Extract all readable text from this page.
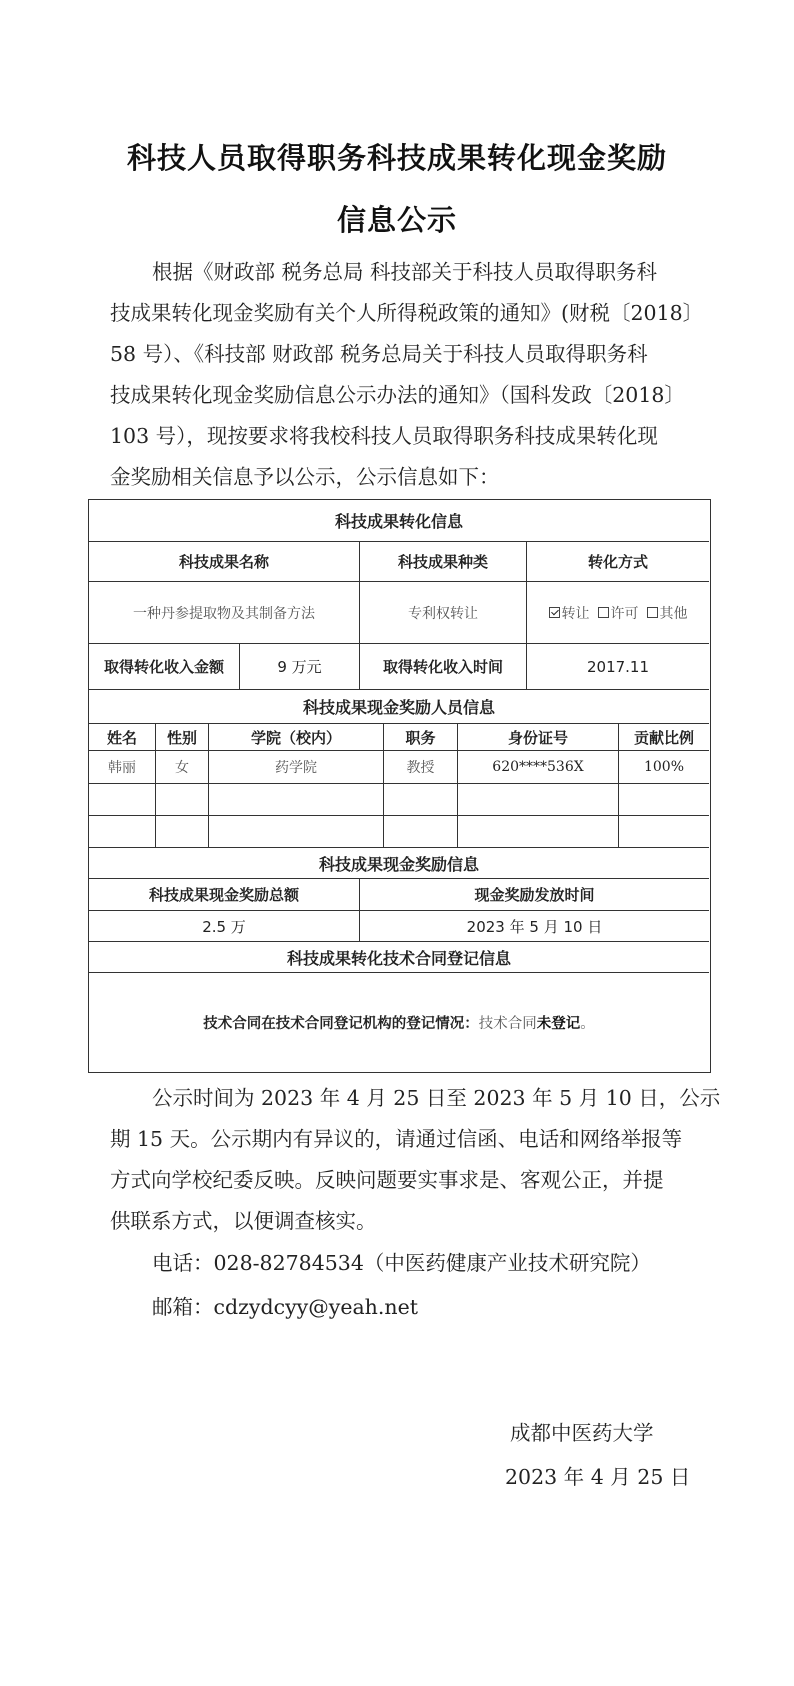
科技人员取得职务科技成果转化现金奖励
信息公示
根据《财政部 税务总局 科技部关于科技人员取得职务科
技成果转化现金奖励有关个人所得税政策的通知》(财税〔2018〕
58 号）、《科技部 财政部 税务总局关于科技人员取得职务科
技成果转化现金奖励信息公示办法的通知》（国科发政〔2018〕
103 号），现按要求将我校科技人员取得职务科技成果转化现
金奖励相关信息予以公示，公示信息如下：
科技成果转化信息
科技成果名称	科技成果种类	转化方式
一种丹参提取物及其制备方法	专利权转让	转让 许可 其他
取得转化收入金额	9 万元	取得转化收入时间	2017.11
科技成果现金奖励人员信息
姓名	性别	学院（校内）	职务	身份证号	贡献比例
韩丽	女	药学院	教授	620****536X	100%
科技成果现金奖励信息
科技成果现金奖励总额	现金奖励发放时间
2.5 万	2023 年 5 月 10 日
科技成果转化技术合同登记信息
技术合同在技术合同登记机构的登记情况： 技术合同 未登记 。
公示时间为 2023 年 4 月 25 日至 2023 年 5 月 10 日，公示
期 15 天。公示期内有异议的，请通过信函、电话和网络举报等
方式向学校纪委反映。反映问题要实事求是、客观公正，并提
供联系方式，以便调查核实。
电话：028-82784534（中医药健康产业技术研究院）
邮箱：cdzydcyy@yeah.net
成都中医药大学
2023 年 4 月 25 日
